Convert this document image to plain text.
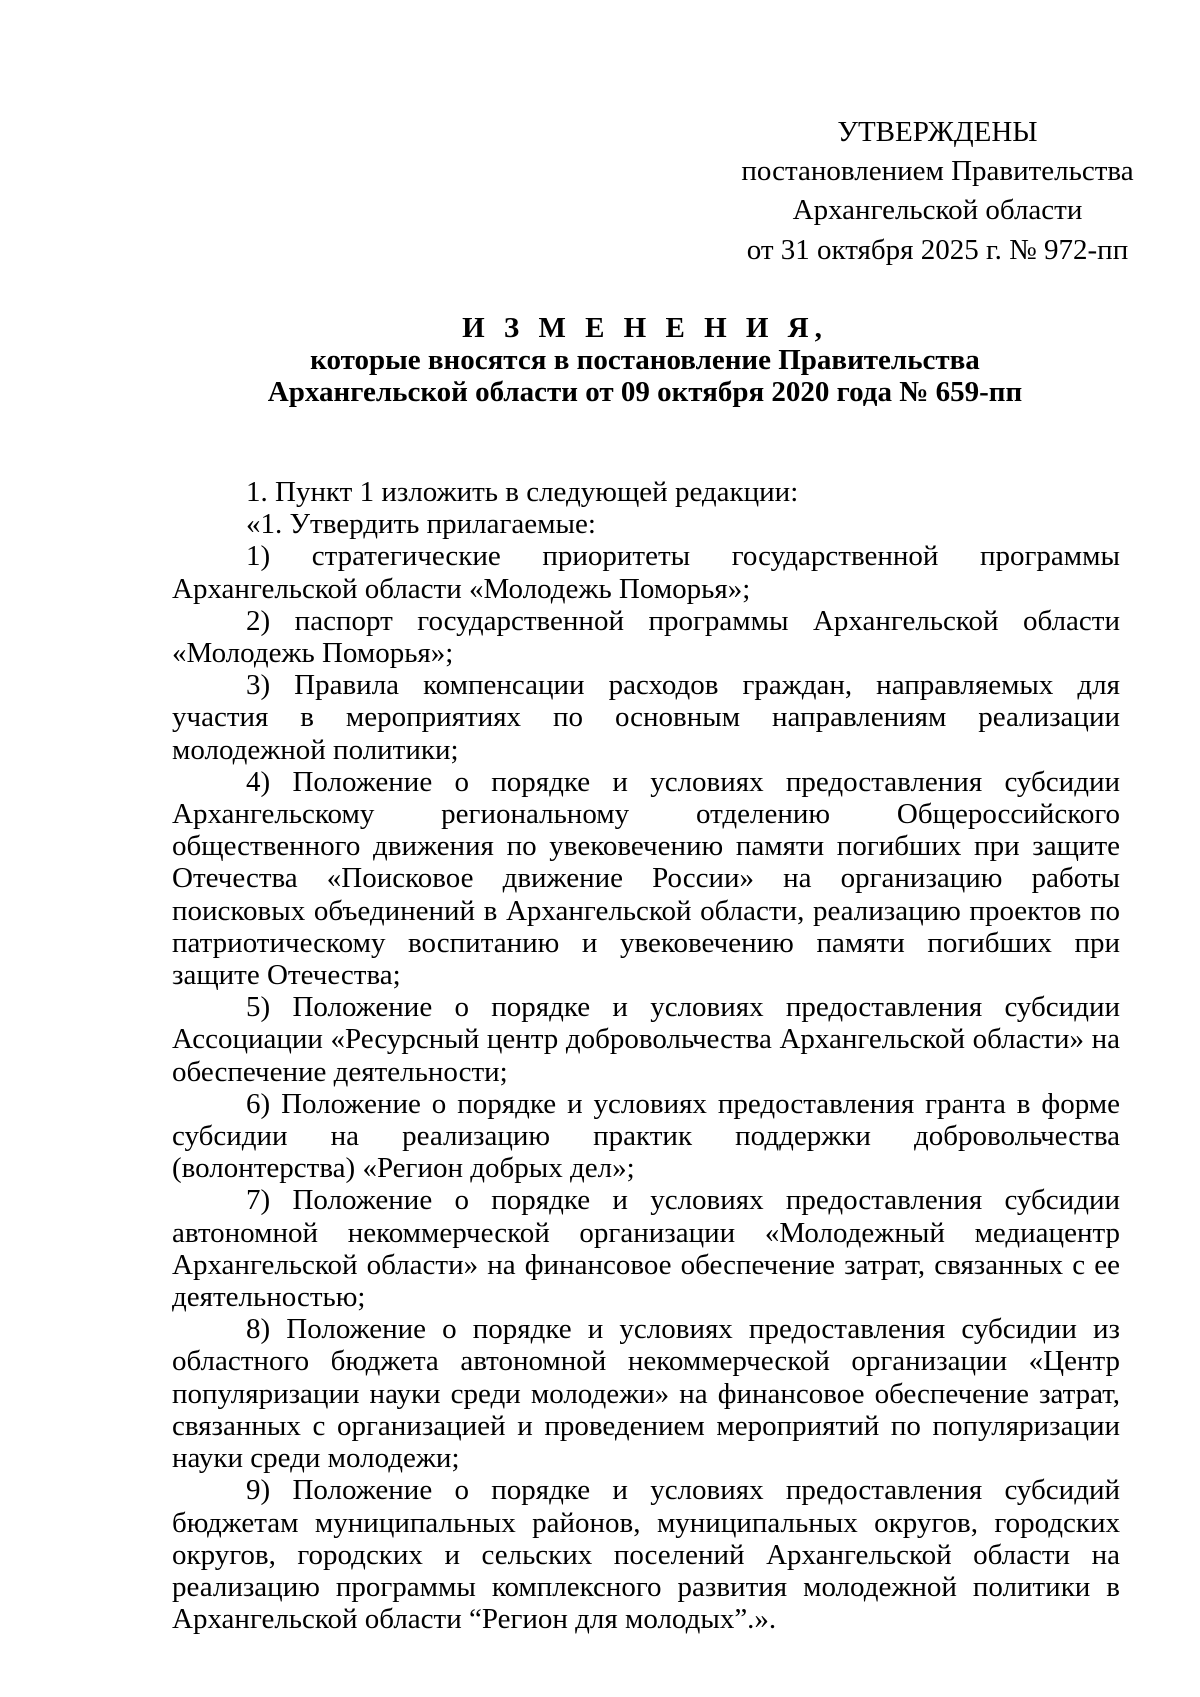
УТВЕРЖДЕНЫ
постановлением Правительства
Архангельской области
от 31 октября 2025 г. № 972-пп
И З М Е Н Е Н И Я,
которые вносятся в постановление Правительства
Архангельской области от 09 октября 2020 года № 659-пп

1. Пункт 1 изложить в следующей редакции:

«1. Утвердить прилагаемые:

1) стратегические приоритеты государственной программы Архангельской области «Молодежь Поморья»;

2) паспорт государственной программы Архангельской области «Молодежь Поморья»;

3) Правила компенсации расходов граждан, направляемых для участия в мероприятиях по основным направлениям реализации молодежной политики;

4) Положение о порядке и условиях предоставления субсидии Архангельскому региональному отделению Общероссийского общественного движения по увековечению памяти погибших при защите Отечества «Поисковое движение России» на организацию работы поисковых объединений в Архангельской области, реализацию проектов по патриотическому воспитанию и увековечению памяти погибших при защите Отечества;

5) Положение о порядке и условиях предоставления субсидии Ассоциации «Ресурсный центр добровольчества Архангельской области» на обеспечение деятельности;

6) Положение о порядке и условиях предоставления гранта в форме субсидии на реализацию практик поддержки добровольчества (волонтерства) «Регион добрых дел»;

7) Положение о порядке и условиях предоставления субсидии автономной некоммерческой организации «Молодежный медиацентр Архангельской области» на финансовое обеспечение затрат, связанных с ее деятельностью;

8) Положение о порядке и условиях предоставления субсидии из областного бюджета автономной некоммерческой организации «Центр популяризации науки среди молодежи» на финансовое обеспечение затрат, связанных с организацией и проведением мероприятий по популяризации науки среди молодежи;

9) Положение о порядке и условиях предоставления субсидий бюджетам муниципальных районов, муниципальных округов, городских округов, городских и сельских поселений Архангельской области на реализацию программы комплексного развития молодежной политики в Архангельской области “Регион для молодых”.».
